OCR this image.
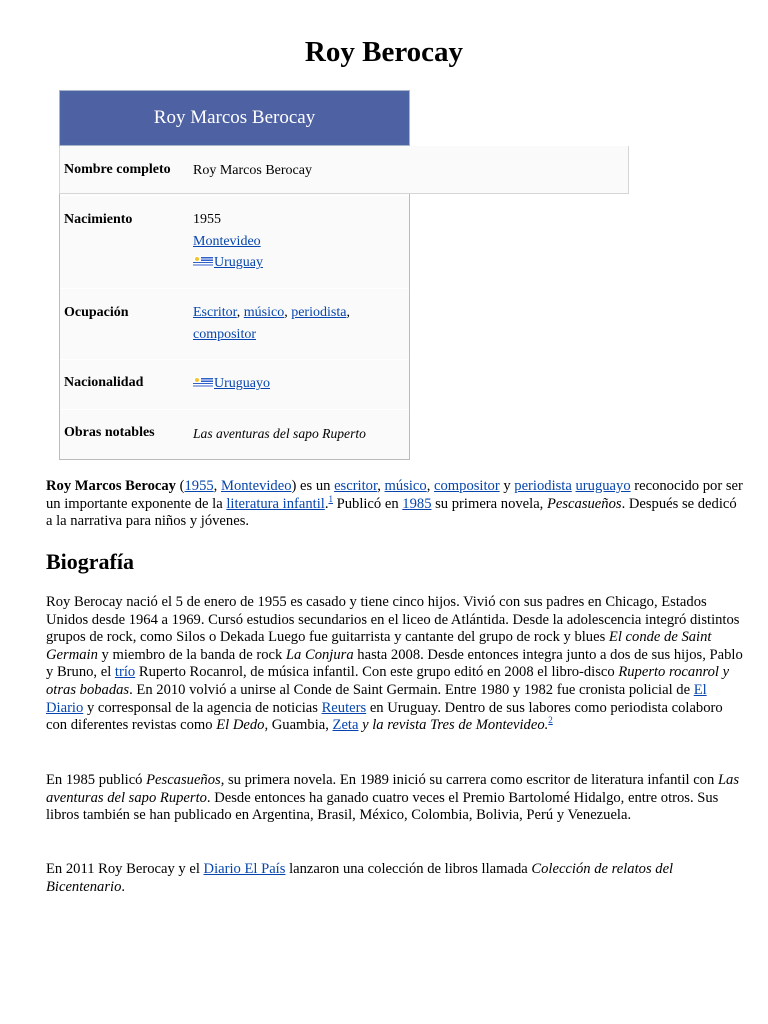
Roy Berocay
Roy Marcos Berocay
Nombre completo Roy Marcos Berocay
Nacimiento	1955
Montevideo
Uruguay
Ocupación	Escritor, músico, periodista,
compositor
Nacionalidad	Uruguayo
Obras notables	Las aventuras del sapo Ruperto

Roy Marcos Berocay (1955, Montevideo) es un escritor, músico, compositor y periodista uruguayo reconocido por ser un importante exponente de la literatura infantil.$^1$ Publicó en 1985 su primera novela, Pescasueños. Después se dedicó a la narrativa para niños y jóvenes.

Biografía

Roy Berocay nació el 5 de enero de 1955 es casado y tiene cinco hijos. Vivió con sus padres en Chicago, Estados Unidos desde 1964 a 1969. Cursó estudios secundarios en el liceo de Atlántida. Desde la adolescencia integró distintos grupos de rock, como Silos o Dekada Luego fue guitarrista y cantante del grupo de rock y blues El conde de Saint Germain y miembro de la banda de rock La Conjura hasta 2008. Desde entonces integra junto a dos de sus hijos, Pablo y Bruno, el trío Ruperto Rocanrol, de música infantil. Con este grupo editó en 2008 el libro-disco Ruperto rocanrol y otras bobadas. En 2010 volvió a unirse al Conde de Saint Germain. Entre 1980 y 1982 fue cronista policial de El Diario y corresponsal de la agencia de noticias Reuters en Uruguay. Dentro de sus labores como periodista colaboro con diferentes revistas como El Dedo, Guambia, Zeta y la revista Tres de Montevideo.$^2$

En 1985 publicó Pescasueños, su primera novela. En 1989 inició su carrera como escritor de literatura infantil con Las aventuras del sapo Ruperto. Desde entonces ha ganado cuatro veces el Premio Bartolomé Hidalgo, entre otros. Sus libros también se han publicado en Argentina, Brasil, México, Colombia, Bolivia, Perú y Venezuela.

En 2011 Roy Berocay y el Diario El País lanzaron una colección de libros llamada Colección de relatos del Bicentenario.
